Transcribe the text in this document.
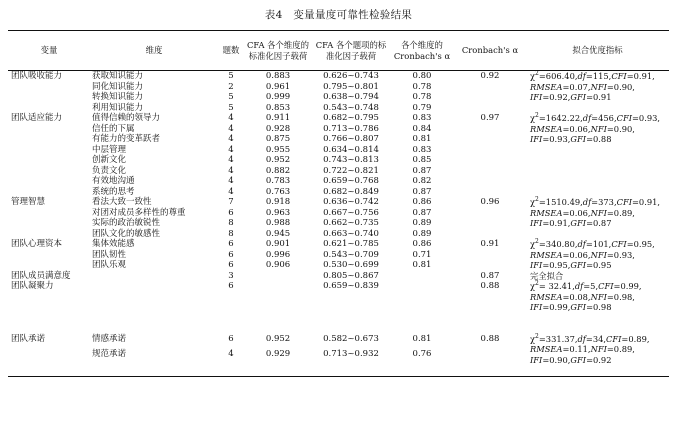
表4　变量量度可靠性检验结果
变量	维度	题数	CFA 各个维度的标准化因子载荷	CFA 各个题项的标准化因子载荷	各个维度的Cronbach's α	Cronbach's α	拟合优度指标
团队吸收能力	获取知识能力	5	0.883	0.626~0.743	0.80	0.92	$\chi^2=606.40,df=115,CFI=0.91$,
RMSEA=0.07,NFI=0.90,
IFI=0.92,GFI=0.91

	同化知识能力	2	0.961	0.795~0.801	0.78		
	转换知识能力	5	0.999	0.638~0.794	0.78		
	利用知识能力	5	0.853	0.543~0.748	0.79		
团队适应能力	值得信赖的领导力	4	0.911	0.682~0.795	0.83	0.97	$\chi^2=1642.22,df=456,CFI=0.93$,
RMSEA=0.06,NFI=0.90,
IFI=0.93,GFI=0.88

	信任的下属	4	0.928	0.713~0.786	0.84		
	有能力的变革跃者	4	0.875	0.766~0.807	0.81		
	中层管理	4	0.955	0.634~0.814	0.83		
	创新文化	4	0.952	0.743~0.813	0.85		
	负责文化	4	0.882	0.722~0.821	0.87		
	有效地沟通	4	0.783	0.659~0.768	0.82		
	系统的思考	4	0.763	0.682~0.849	0.87		
管理智慧	看法大致一致性	7	0.918	0.636~0.742	0.86	0.96	$\chi^2=1510.49,df=373,CFI=0.91$,
RMSEA=0.06,NFI=0.89,
IFI=0.91,GFI=0.87

	对团对成员多样性的尊重	6	0.963	0.667~0.756	0.87		
	实际的政治敏锐性	8	0.988	0.662~0.735	0.89		
	团队文化的敏感性	8	0.945	0.663~0.740	0.89		
团队心理资本	集体效能感	6	0.901	0.621~0.785	0.86	0.91	$\chi^2=340.80,df=101,CFI=0.95$,
RMSEA=0.06,NFI=0.93,
IFI=0.95,GFI=0.95

	团队韧性	6	0.996	0.543~0.709	0.71		
	团队乐观	6	0.906	0.530~0.699	0.81		
团队成员满意度		3		0.805~0.867		0.87	完全拟合

团队凝聚力		6		0.659~0.839		0.88	$\chi^2= 32.41,df=5,CFI=0.99$,
RMSEA=0.08,NFI=0.98,
IFI=0.99,GFI=0.98

团队承诺	情感承诺	6	0.952	0.582~0.673	0.81	0.88	$\chi^2=331.37,df=34,CFI=0.89$,
RMSEA=0.11,NFI=0.89,
IFI=0.90,GFI=0.92

	规范承诺	4	0.929	0.713~0.932	0.76		
